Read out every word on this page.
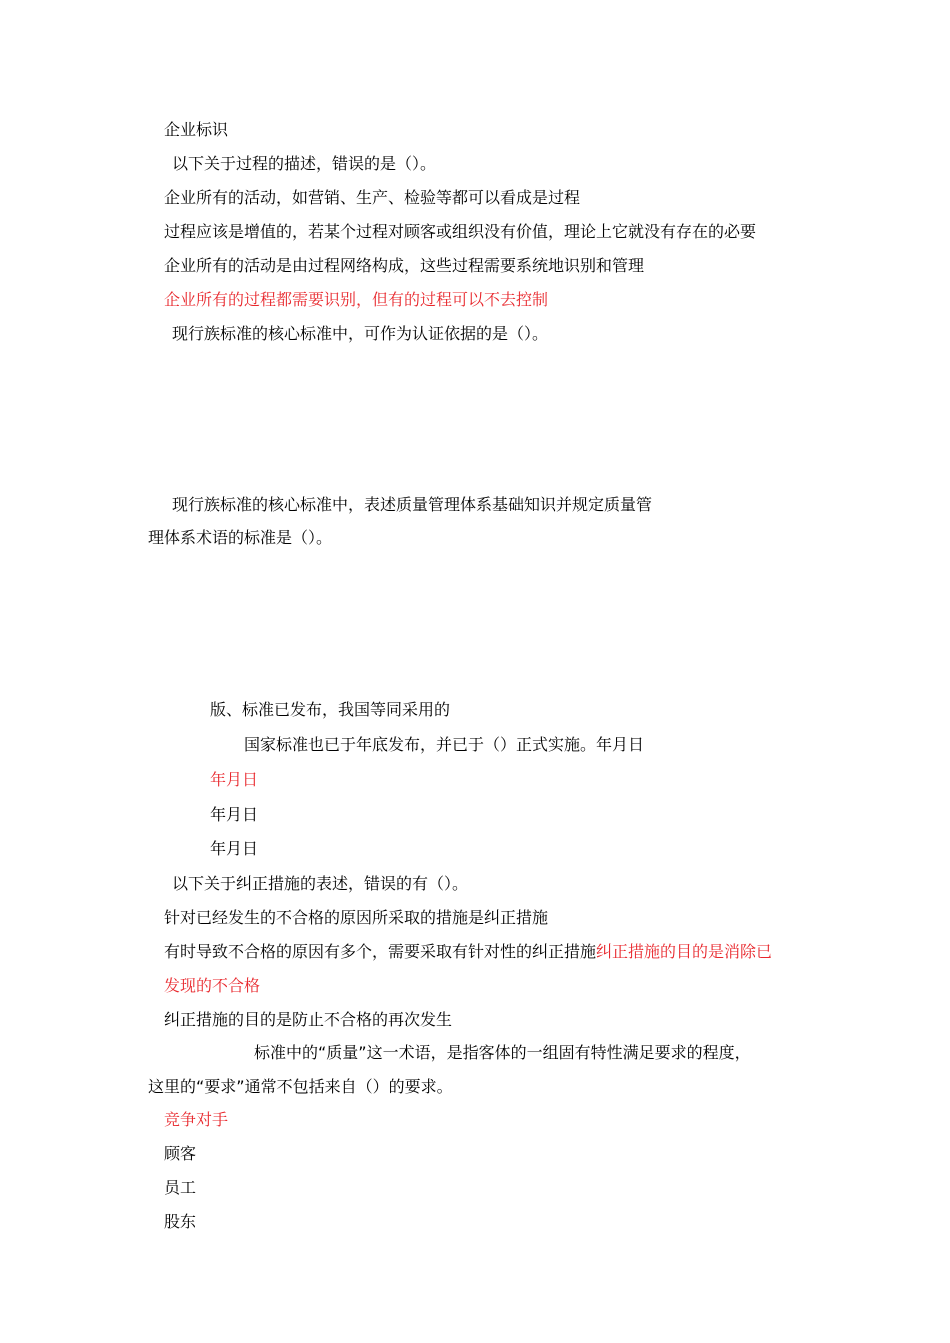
企业标识
以下关于过程的描述，错误的是（）。
企业所有的活动，如营销、生产、检验等都可以看成是过程
过程应该是增值的，若某个过程对顾客或组织没有价值，理论上它就没有存在的必要
企业所有的活动是由过程网络构成，这些过程需要系统地识别和管理
企业所有的过程都需要识别，但有的过程可以不去控制
现行族标准的核心标准中，可作为认证依据的是（）。
现行族标准的核心标准中，表述质量管理体系基础知识并规定质量管
理体系术语的标准是（）。
版、标准已发布，我国等同采用的
国家标准也已于年底发布，并已于（）正式实施。年月日
年月日
年月日
年月日
以下关于纠正措施的表述，错误的有（）。
针对已经发生的不合格的原因所采取的措施是纠正措施
有时导致不合格的原因有多个，需要采取有针对性的纠正措施纠正措施的目的是消除已
发现的不合格
纠正措施的目的是防止不合格的再次发生
标准中的“质量”这一术语，是指客体的一组固有特性满足要求的程度，
这里的“要求”通常不包括来自（）的要求。
竞争对手
顾客
员工
股东
